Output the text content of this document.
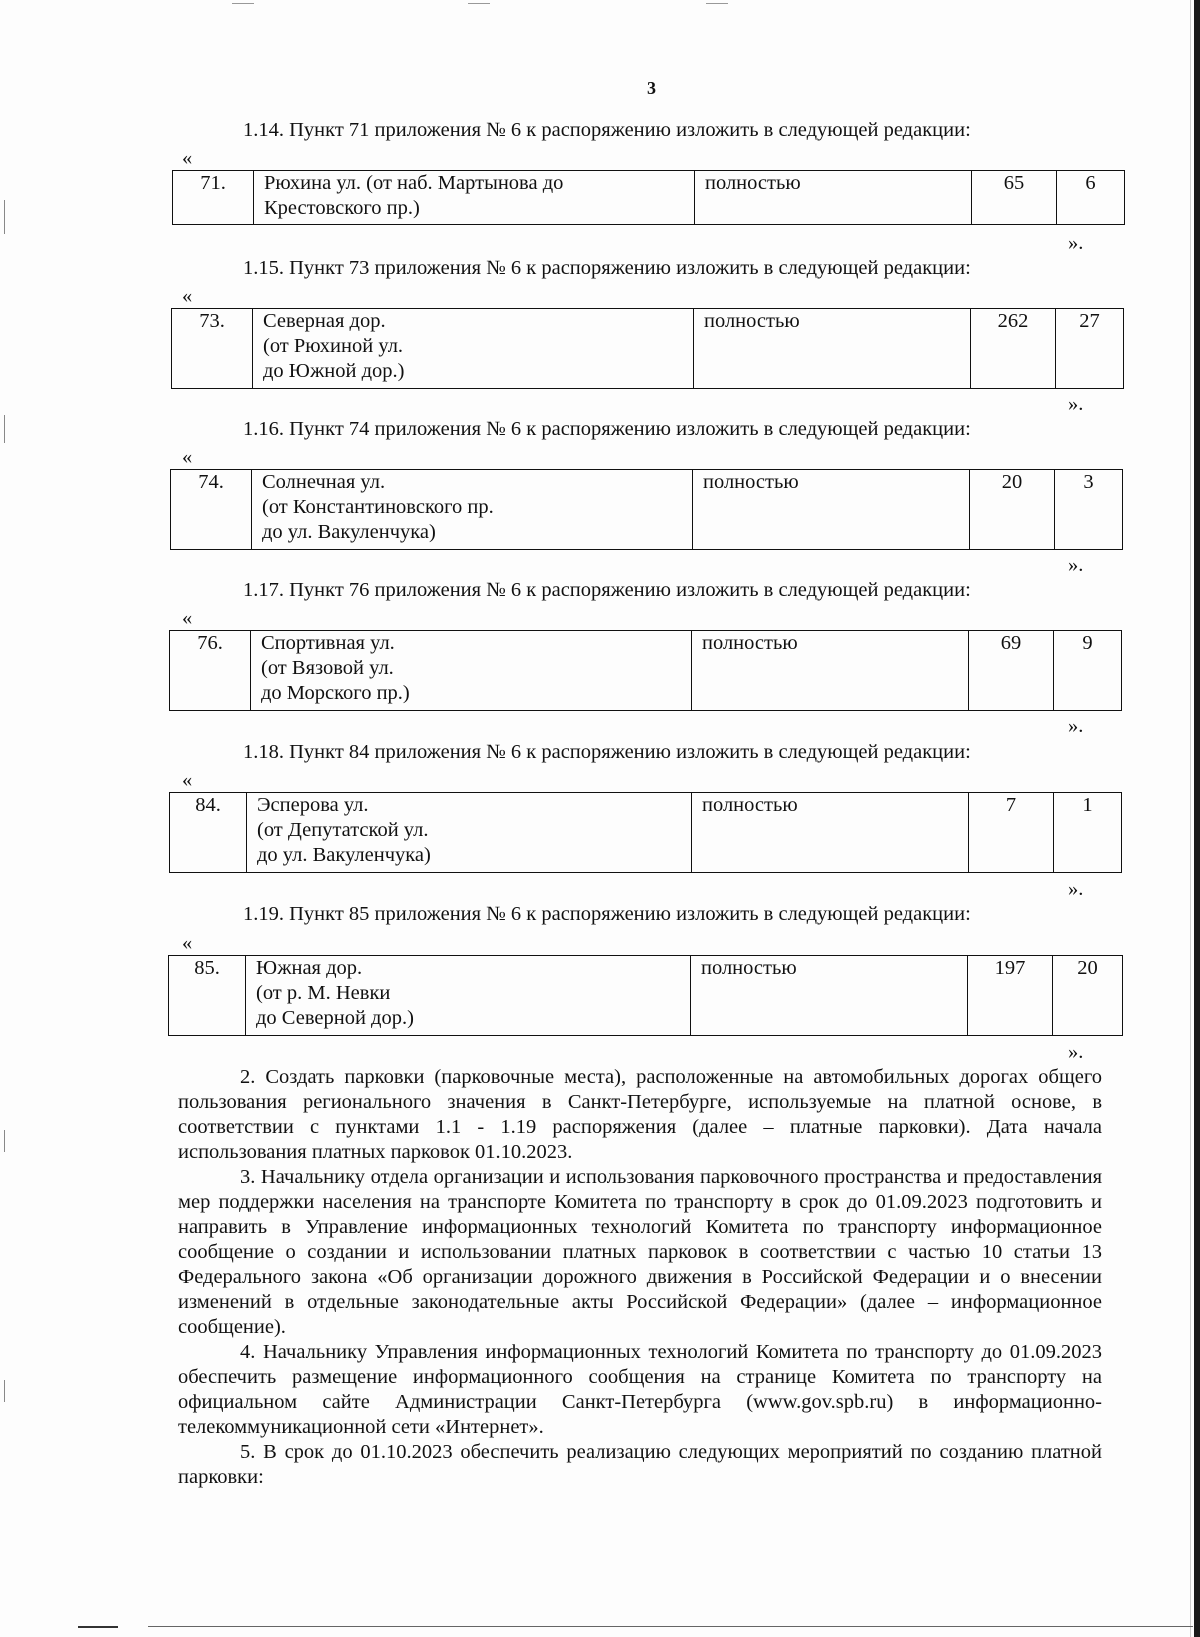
3
1.14. Пункт 71 приложения № 6 к распоряжению изложить в следующей редакции:
«
71.	Рюхина ул. (от наб. Мартынова до
Крестовского пр.)
	полностью	65	6
».
1.15. Пункт 73 приложения № 6 к распоряжению изложить в следующей редакции:
«
73.	Северная дор.
(от Рюхиной ул.
до Южной дор.)
	полностью	262	27
».
1.16. Пункт 74 приложения № 6 к распоряжению изложить в следующей редакции:
«
74.	Солнечная ул.
(от Константиновского пр.
до ул. Вакуленчука)
	полностью	20	3
».
1.17. Пункт 76 приложения № 6 к распоряжению изложить в следующей редакции:
«
76.	Спортивная ул.
(от Вязовой ул.
до Морского пр.)
	полностью	69	9
».
1.18. Пункт 84 приложения № 6 к распоряжению изложить в следующей редакции:
«
84.	Эсперова ул.
(от Депутатской ул.
до ул. Вакуленчука)
	полностью	7	1
».
1.19. Пункт 85 приложения № 6 к распоряжению изложить в следующей редакции:
«
85.	Южная дор.
(от р. М. Невки
до Северной дор.)
	полностью	197	20
».

2. Создать парковки (парковочные места), расположенные на автомобильных дорогах общего пользования регионального значения в Санкт-Петербурге, используемые на платной основе, в соответствии с пунктами 1.1 - 1.19 распоряжения (далее – платные парковки). Дата начала использования платных парковок 01.10.2023.

3. Начальнику отдела организации и использования парковочного пространства и предоставления мер поддержки населения на транспорте Комитета по транспорту в срок до 01.09.2023 подготовить и направить в Управление информационных технологий Комитета по транспорту информационное сообщение о создании и использовании платных парковок в соответствии с частью 10 статьи 13 Федерального закона «Об организации дорожного движения в Российской Федерации и о внесении изменений в отдельные законодательные акты Российской Федерации» (далее – информационное сообщение).

4. Начальнику Управления информационных технологий Комитета по транспорту до 01.09.2023 обеспечить размещение информационного сообщения на странице Комитета по транспорту на официальном сайте Администрации Санкт-Петербурга (www.gov.spb.ru) в информационно-телекоммуникационной сети «Интернет».

5. В срок до 01.10.2023 обеспечить реализацию следующих мероприятий по созданию платной парковки:
